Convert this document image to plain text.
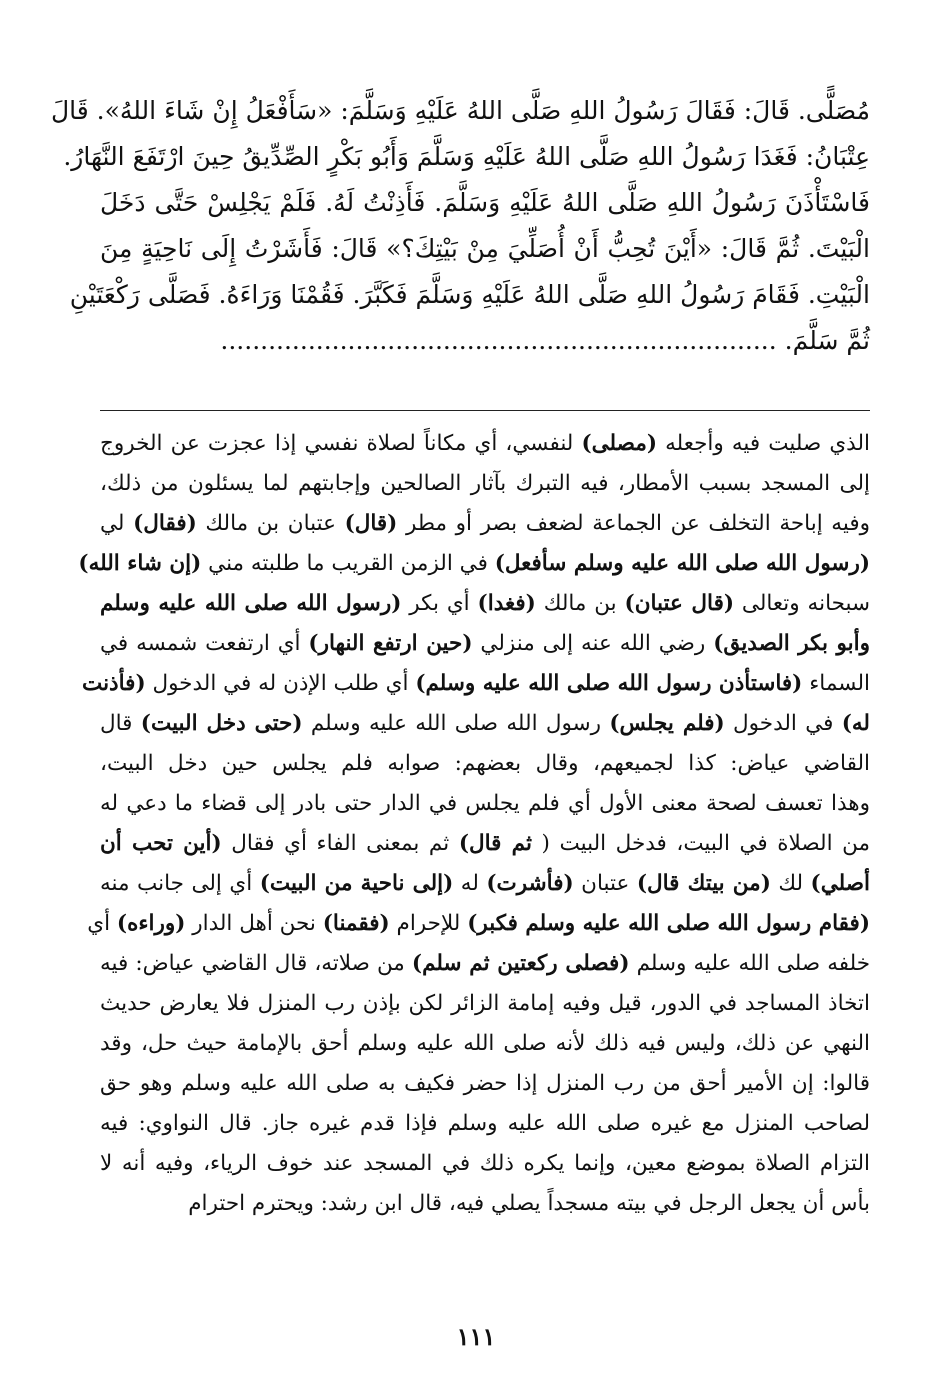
مُصَلًّى. قَالَ: فَقَالَ رَسُولُ اللهِ صَلَّى اللهُ عَلَيْهِ وَسَلَّمَ: «سَأَفْعَلُ إِنْ شَاءَ اللهُ». قَالَ
عِتْبَانُ: فَغَدَا رَسُولُ اللهِ صَلَّى اللهُ عَلَيْهِ وَسَلَّمَ وَأَبُو بَكْرٍ الصِّدِّيقُ حِينَ ارْتَفَعَ النَّهَارُ.
فَاسْتَأْذَنَ رَسُولُ اللهِ صَلَّى اللهُ عَلَيْهِ وَسَلَّمَ. فَأَذِنْتُ لَهُ. فَلَمْ يَجْلِسْ حَتَّى دَخَلَ
الْبَيْتَ. ثُمَّ قَالَ: «أَيْنَ تُحِبُّ أَنْ أُصَلِّيَ مِنْ بَيْتِكَ؟» قَالَ: فَأَشَرْتُ إِلَى نَاحِيَةٍ مِنَ
الْبَيْتِ. فَقَامَ رَسُولُ اللهِ صَلَّى اللهُ عَلَيْهِ وَسَلَّمَ فَكَبَّرَ. فَقُمْنَا وَرَاءَهُ. فَصَلَّى رَكْعَتَيْنِ
ثُمَّ سَلَّمَ. ......................................................................
الذي صليت فيه وأجعله (مصلى) لنفسي، أي مكاناً لصلاة نفسي إذا عجزت عن الخروج
إلى المسجد بسبب الأمطار، فيه التبرك بآثار الصالحين وإجابتهم لما يسئلون من ذلك،
وفيه إباحة التخلف عن الجماعة لضعف بصر أو مطر (قال) عتبان بن مالك (فقال) لي
(رسول الله صلى الله عليه وسلم سأفعل) في الزمن القريب ما طلبته مني (إن شاء الله)
سبحانه وتعالى (قال عتبان) بن مالك (فغدا) أي بكر (رسول الله صلى الله عليه وسلم
وأبو بكر الصديق) رضي الله عنه إلى منزلي (حين ارتفع النهار) أي ارتفعت شمسه في
السماء (فاستأذن رسول الله صلى الله عليه وسلم) أي طلب الإذن له في الدخول (فأذنت
له) في الدخول (فلم يجلس) رسول الله صلى الله عليه وسلم (حتى دخل البيت) قال
القاضي عياض: كذا لجميعهم، وقال بعضهم: صوابه فلم يجلس حين دخل البيت،
وهذا تعسف لصحة معنى الأول أي فلم يجلس في الدار حتى بادر إلى قضاء ما دعي له
من الصلاة في البيت، فدخل البيت ( ثم قال) ثم بمعنى الفاء أي فقال (أين تحب أن
أصلي) لك (من بيتك قال) عتبان (فأشرت) له (إلى ناحية من البيت) أي إلى جانب منه
(فقام رسول الله صلى الله عليه وسلم فكبر) للإحرام (فقمنا) نحن أهل الدار (وراءه) أي
خلفه صلى الله عليه وسلم (فصلى ركعتين ثم سلم) من صلاته، قال القاضي عياض: فيه
اتخاذ المساجد في الدور، قيل وفيه إمامة الزائر لكن بإذن رب المنزل فلا يعارض حديث
النهي عن ذلك، وليس فيه ذلك لأنه صلى الله عليه وسلم أحق بالإمامة حيث حل، وقد
قالوا: إن الأمير أحق من رب المنزل إذا حضر فكيف به صلى الله عليه وسلم وهو حق
لصاحب المنزل مع غيره صلى الله عليه وسلم فإذا قدم غيره جاز. قال النواوي: فيه
التزام الصلاة بموضع معين، وإنما يكره ذلك في المسجد عند خوف الرياء، وفيه أنه لا
بأس أن يجعل الرجل في بيته مسجداً يصلي فيه، قال ابن رشد: ويحترم احترام
١١١
